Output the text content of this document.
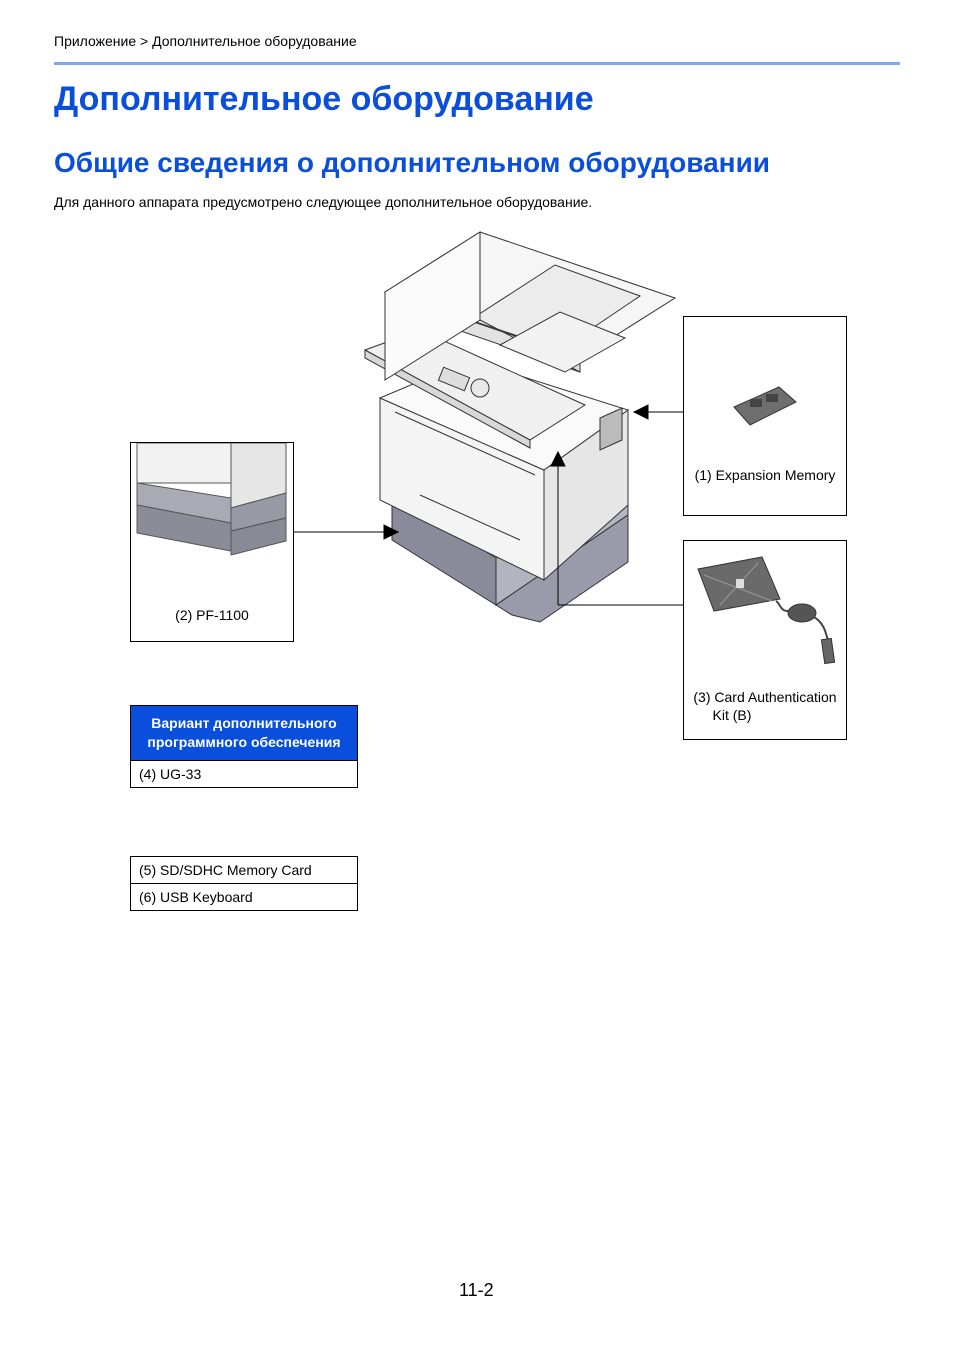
Приложение > Дополнительное оборудование
Дополнительное оборудование
Общие сведения о дополнительном оборудовании
Для данного аппарата предусмотрено следующее дополнительное оборудование.
(1) Expansion Memory
(2) PF-1100
(3) Card Authentication
Kit (B)
Вариант дополнительного программного обеспечения
(4) UG-33
(5) SD/SDHC Memory Card
(6) USB Keyboard
11-2
